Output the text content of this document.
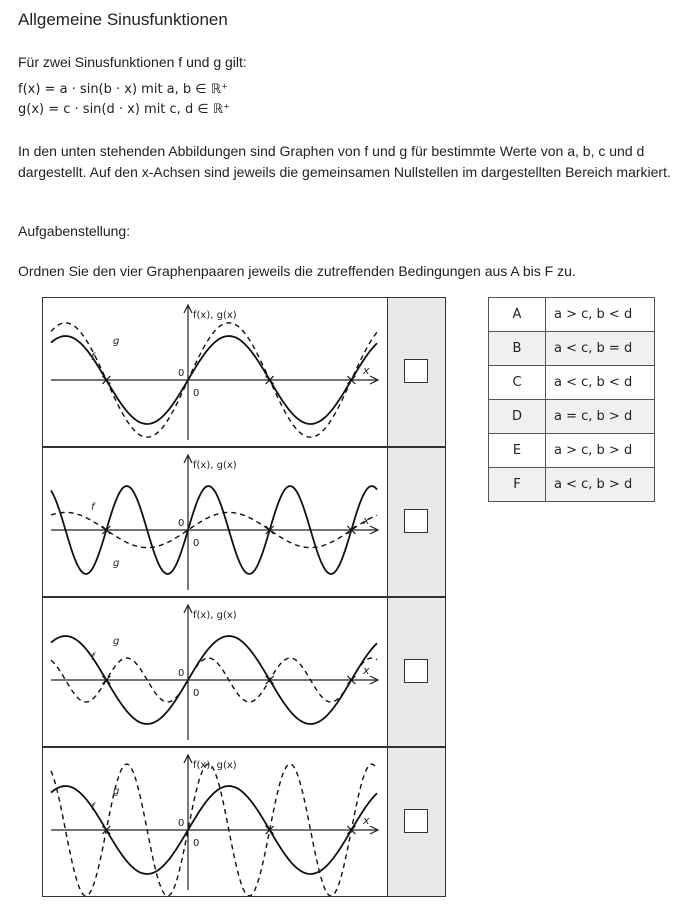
Allgemeine Sinusfunktionen
Für zwei Sinusfunktionen f und g gilt:
f(x) = a · sin(b · x) mit a, b ∈ ℝ⁺
g(x) = c · sin(d · x) mit c, d ∈ ℝ⁺
In den unten stehenden Abbildungen sind Graphen von f und g für bestimmte Werte von a, b, c und d dargestellt. Auf den x-Achsen sind jeweils die gemeinsamen Nullstellen im dargestellten Bereich markiert.
Aufgabenstellung:
Ordnen Sie den vier Graphenpaaren jeweils die zutreffenden Bedingungen aus A bis F zu.
f(x), g(x)
x
0
0
f
g
f(x), g(x)
x
0
0
f
g
f(x), g(x)
x
0
0
f
g
f(x), g(x)
x
0
0
f
g
A	a > c, b < d
B	a < c, b = d
C	a < c, b < d
D	a = c, b > d
E	a > c, b > d
F	a < c, b > d
